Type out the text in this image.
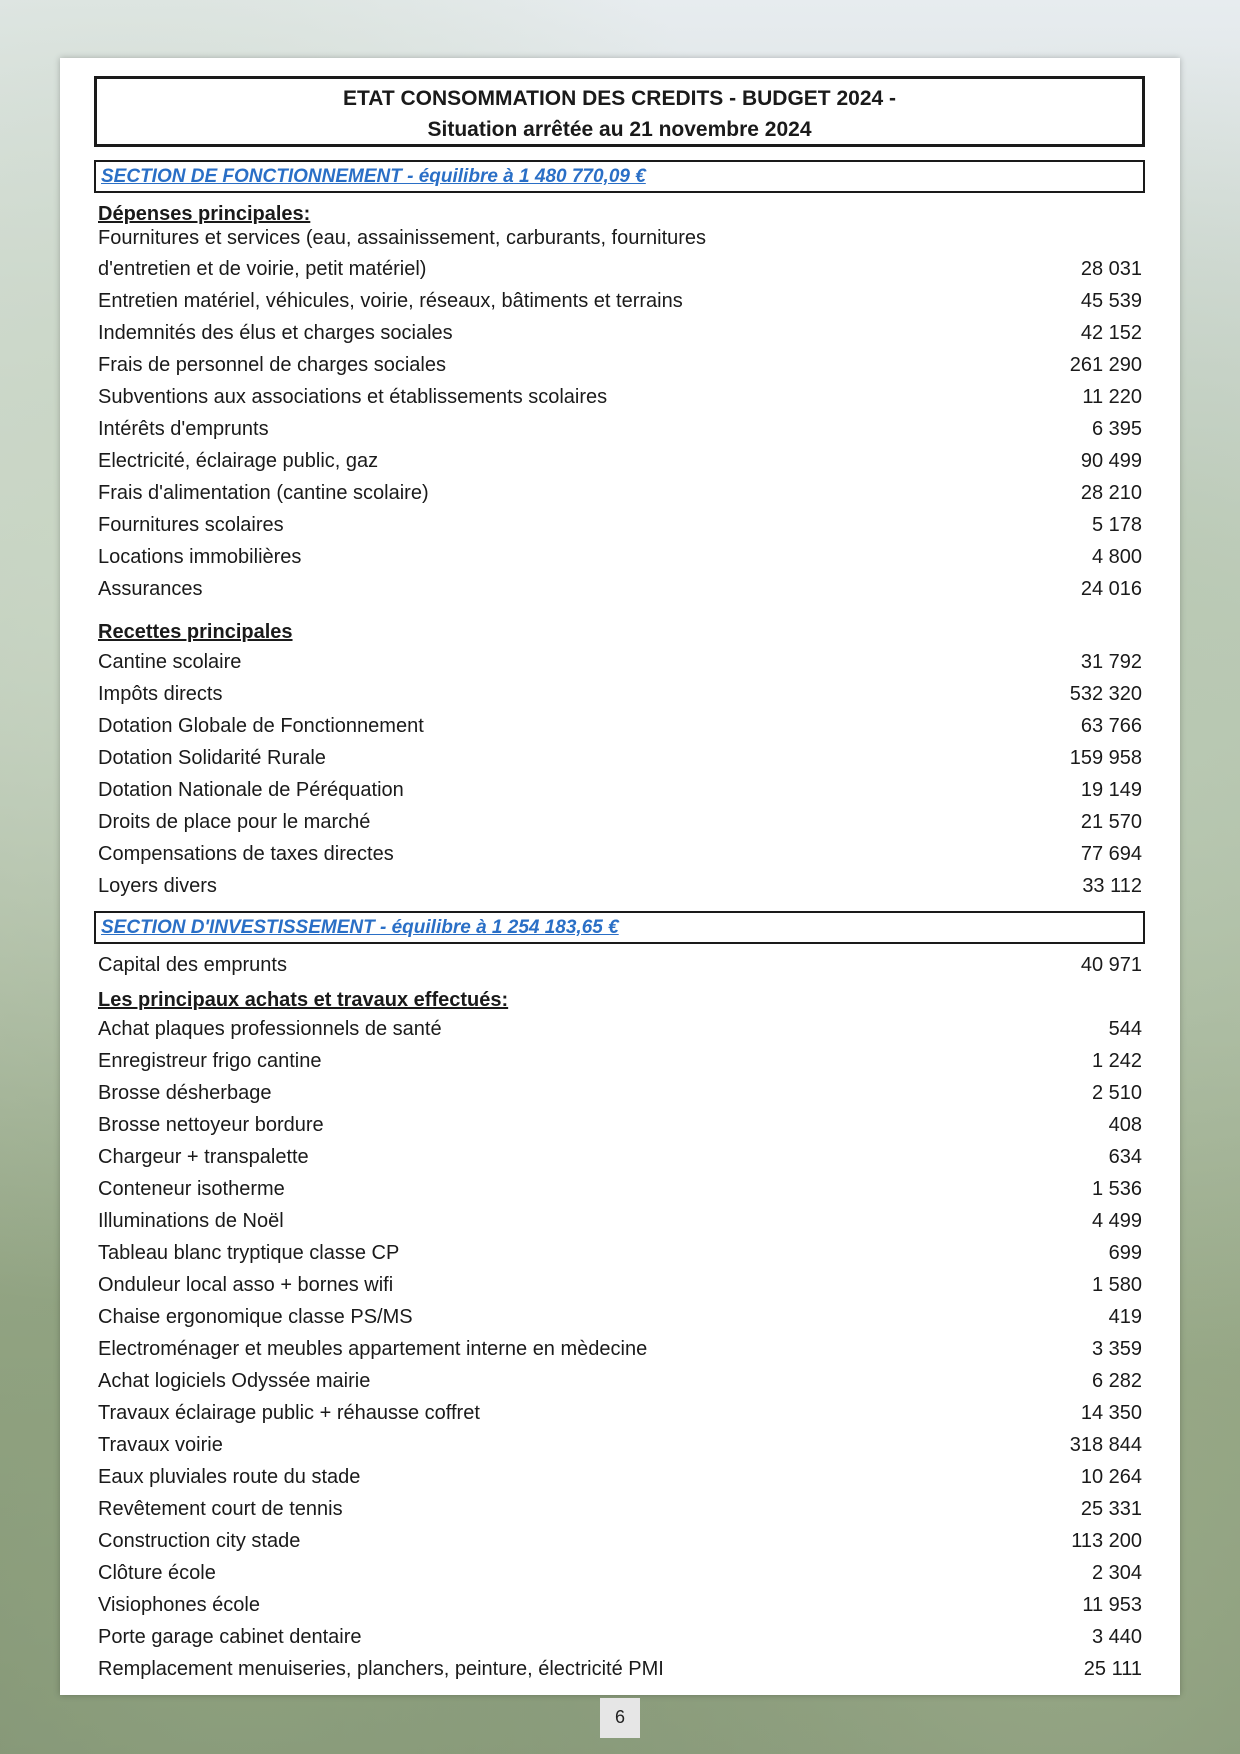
ETAT CONSOMMATION DES CREDITS - BUDGET 2024 -
Situation arrêtée au 21 novembre 2024
SECTION DE FONCTIONNEMENT - équilibre à 1 480 770,09 €
Dépenses principales:
Fournitures et services (eau, assainissement, carburants, fournitures
d'entretien et de voirie, petit matériel)	28 031
Entretien matériel, véhicules, voirie, réseaux, bâtiments et terrains	45 539
Indemnités des élus et charges sociales	42 152
Frais de personnel de charges sociales	261 290
Subventions aux associations et établissements scolaires	11 220
Intérêts d'emprunts	6 395
Electricité, éclairage public, gaz	90 499
Frais d'alimentation (cantine scolaire)	28 210
Fournitures scolaires	5 178
Locations immobilières	4 800
Assurances	24 016
Recettes principales
Cantine scolaire	31 792
Impôts directs	532 320
Dotation Globale de Fonctionnement	63 766
Dotation Solidarité Rurale	159 958
Dotation Nationale de Péréquation	19 149
Droits de place pour le marché	21 570
Compensations de taxes directes	77 694
Loyers divers	33 112
SECTION D'INVESTISSEMENT - équilibre à 1 254 183,65 €
Capital des emprunts	40 971
Les principaux achats et travaux effectués:
Achat plaques professionnels de santé	544
Enregistreur frigo cantine	1 242
Brosse désherbage	2 510
Brosse nettoyeur bordure	408
Chargeur + transpalette	634
Conteneur isotherme	1 536
Illuminations de Noël	4 499
Tableau blanc tryptique classe CP	699
Onduleur local asso + bornes wifi	1 580
Chaise ergonomique classe PS/MS	419
Electroménager et meubles appartement interne en mèdecine	3 359
Achat logiciels Odyssée mairie	6 282
Travaux éclairage public + réhausse coffret	14 350
Travaux voirie	318 844
Eaux pluviales route du stade	10 264
Revêtement court de tennis	25 331
Construction city stade	113 200
Clôture école	2 304
Visiophones école	11 953
Porte garage cabinet dentaire	3 440
Remplacement menuiseries, planchers, peinture, électricité PMI	25 111
6
